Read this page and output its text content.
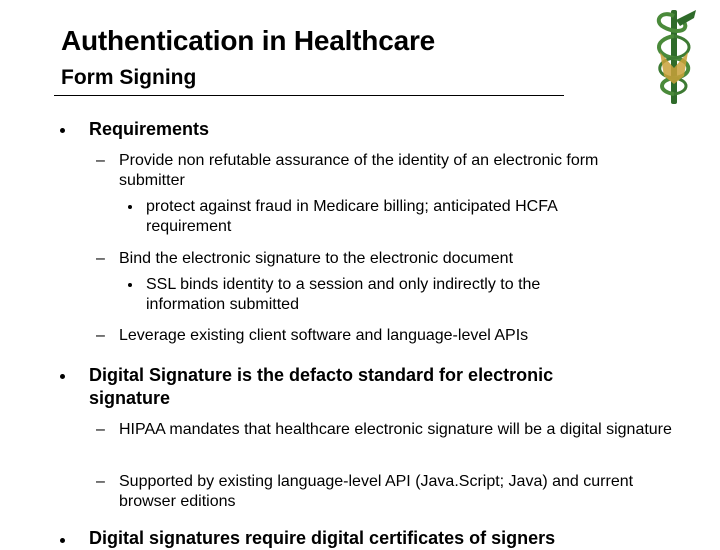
Authentication in Healthcare
Form Signing
Requirements
– Provide non refutable assurance of the identity of an electronic form submitter
protect against fraud in Medicare billing; anticipated HCFA requirement
– Bind the electronic signature to the electronic document
SSL binds identity to a session and only indirectly to the information submitted
– Leverage existing client software and language-level APIs
Digital Signature is the defacto standard for electronic signature
– HIPAA mandates that healthcare electronic signature will be a digital signature
– Supported by existing language-level API (Java.Script; Java) and current browser editions
Digital signatures require digital certificates of signers
